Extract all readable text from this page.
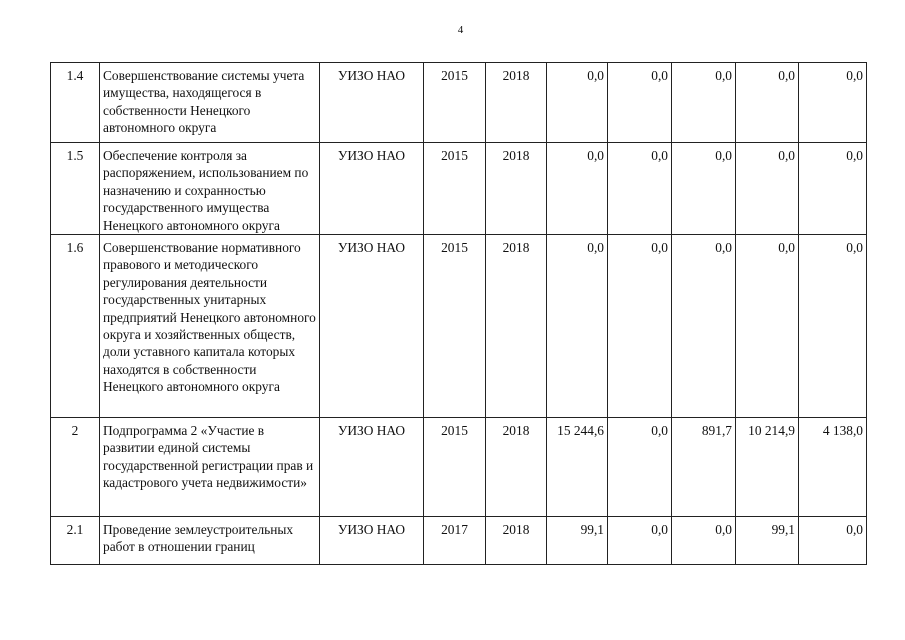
4
1.4	Совершенствование системы учета имущества, находящегося в собственности Ненецкого автономного округа	УИЗО НАО	2015	2018	0,0	0,0	0,0	0,0	0,0
1.5	Обеспечение контроля за распоряжением, использованием по назначению и сохранностью государственного имущества Ненецкого автономного округа	УИЗО НАО	2015	2018	0,0	0,0	0,0	0,0	0,0
1.6	Совершенствование нормативного правового и методического регулирования деятельности государственных унитарных предприятий Ненецкого автономного округа и хозяйственных обществ, доли уставного капитала которых находятся в собственности Ненецкого автономного округа	УИЗО НАО	2015	2018	0,0	0,0	0,0	0,0	0,0
2	Подпрограмма 2 «Участие в развитии единой системы государственной регистрации прав и кадастрового учета недвижимости»	УИЗО НАО	2015	2018	15 244,6	0,0	891,7	10 214,9	4 138,0
2.1	Проведение землеустроительных работ в отношении границ	УИЗО НАО	2017	2018	99,1	0,0	0,0	99,1	0,0
